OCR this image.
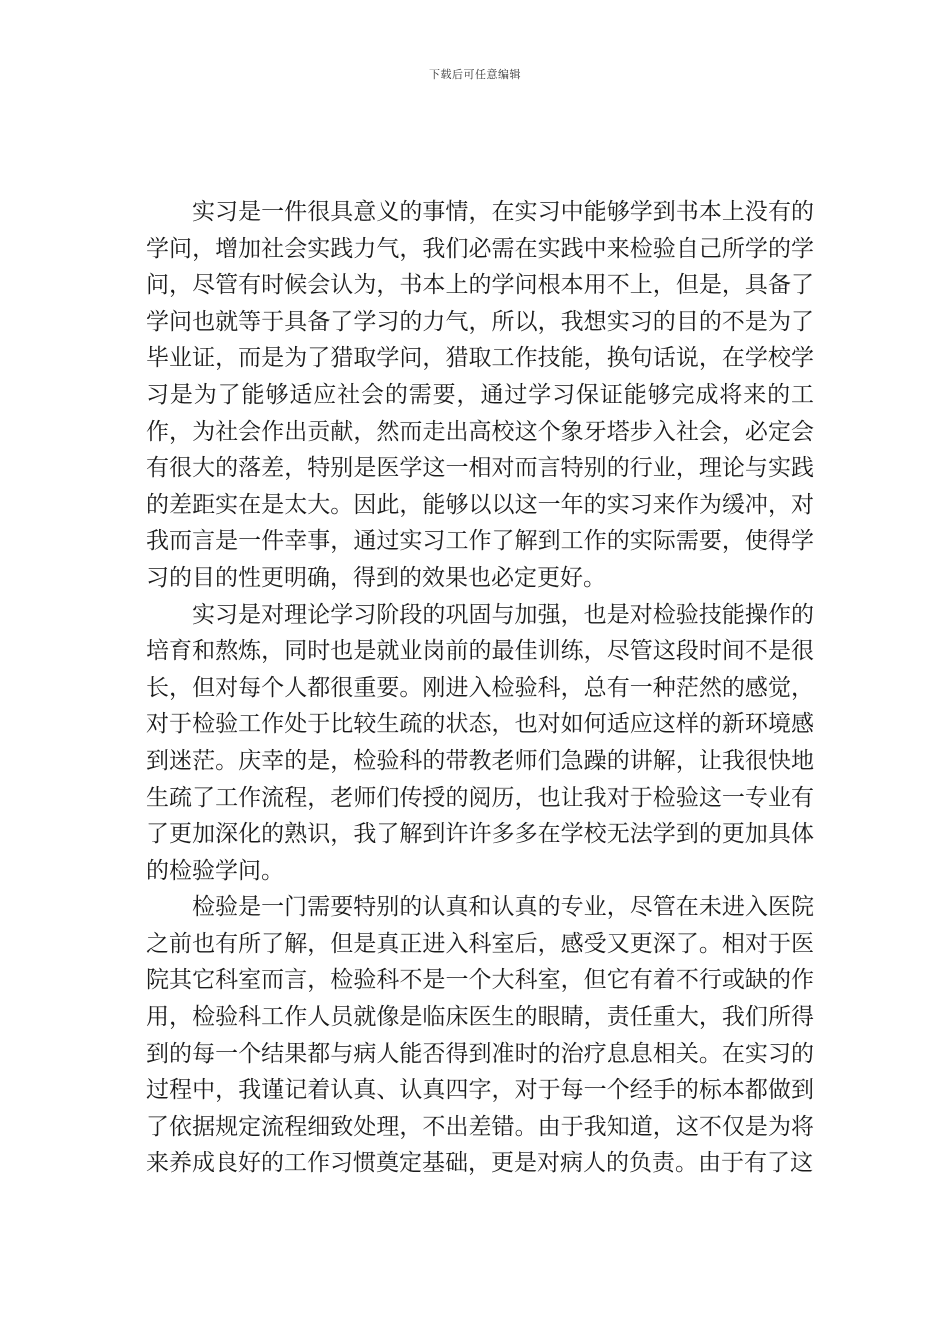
下载后可任意编辑

实习是一件很具意义的事情，在实习中能够学到书本上没有的学问，增加社会实践力气，我们必需在实践中来检验自己所学的学问，尽管有时候会认为，书本上的学问根本用不上，但是，具备了学问也就等于具备了学习的力气，所以，我想实习的目的不是为了毕业证，而是为了猎取学问，猎取工作技能，换句话说，在学校学习是为了能够适应社会的需要，通过学习保证能够完成将来的工作，为社会作出贡献，然而走出高校这个象牙塔步入社会，必定会有很大的落差，特别是医学这一相对而言特别的行业，理论与实践的差距实在是太大。因此，能够以以这一年的实习来作为缓冲，对我而言是一件幸事，通过实习工作了解到工作的实际需要，使得学习的目的性更明确，得到的效果也必定更好。

实习是对理论学习阶段的巩固与加强，也是对检验技能操作的培育和熬炼，同时也是就业岗前的最佳训练，尽管这段时间不是很长，但对每个人都很重要。刚进入检验科，总有一种茫然的感觉，对于检验工作处于比较生疏的状态，也对如何适应这样的新环境感到迷茫。庆幸的是，检验科的带教老师们急躁的讲解，让我很快地生疏了工作流程，老师们传授的阅历，也让我对于检验这一专业有了更加深化的熟识，我了解到许许多多在学校无法学到的更加具体的检验学问。

检验是一门需要特别的认真和认真的专业，尽管在未进入医院之前也有所了解，但是真正进入科室后，感受又更深了。相对于医院其它科室而言，检验科不是一个大科室，但它有着不行或缺的作用，检验科工作人员就像是临床医生的眼睛，责任重大，我们所得到的每一个结果都与病人能否得到准时的治疗息息相关。在实习的过程中，我谨记着认真、认真四字，对于每一个经手的标本都做到了依据规定流程细致处理，不出差错。由于我知道，这不仅是为将来养成良好的工作习惯奠定基础，更是对病人的负责。由于有了这
